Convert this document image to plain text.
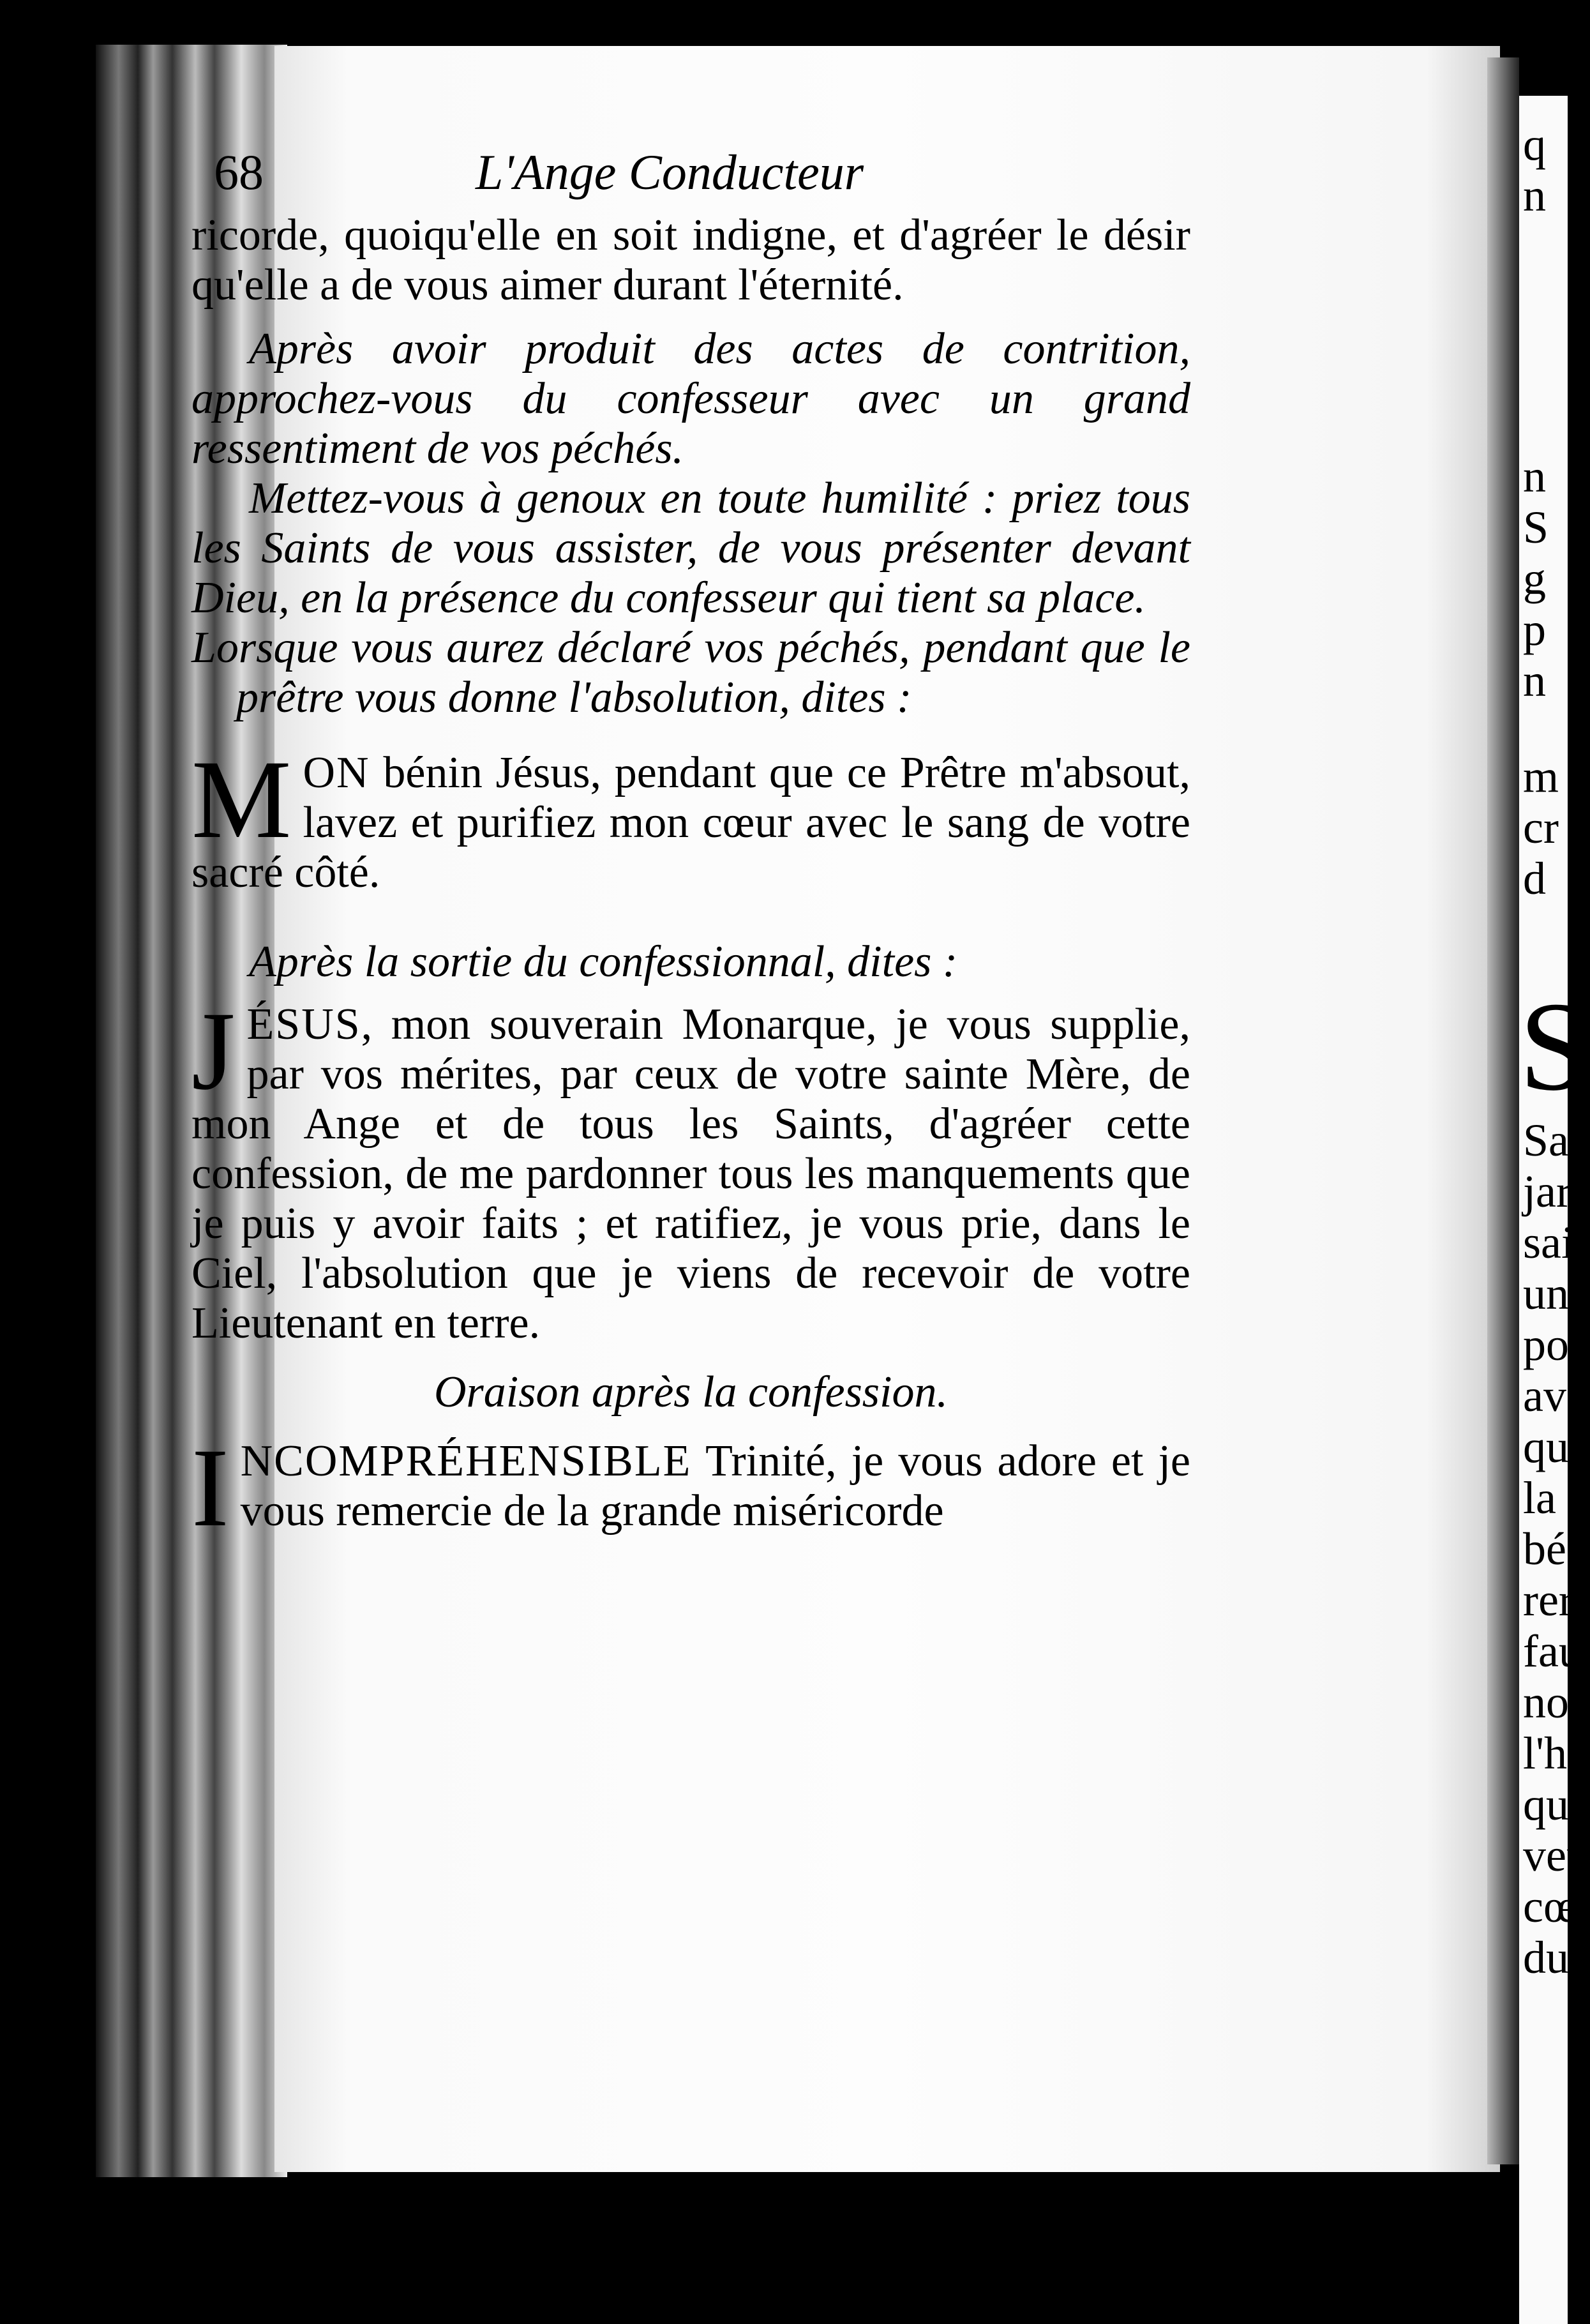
q
n
n
S
g
p
n
m
cr
d
S
Sa
jar
sai
un
po
ave
qu
la
bé
rer
fau
no
l'h
qu
veu
cœ
du
68	L'Ange Conducteur

ricorde, quoiqu'elle en soit indigne, et d'agréer le désir qu'elle a de vous aimer durant l'éternité.

Après avoir produit des actes de contrition, approchez-vous du confesseur avec un grand ressentiment de vos péchés.

Mettez-vous à genoux en toute humilité : priez tous les Saints de vous assister, de vous présenter devant Dieu, en la présence du confesseur qui tient sa place.

Lorsque vous aurez déclaré vos péchés, pendant que le prêtre vous donne l'absolution, dites :

MON bénin Jésus, pendant que ce Prêtre m'absout, lavez et purifiez mon cœur avec le sang de votre sacré côté.

Après la sortie du confessionnal, dites :

JÉSUS, mon souverain Monarque, je vous supplie, par vos mérites, par ceux de votre sainte Mère, de mon Ange et de tous les Saints, d'agréer cette confession, de me pardonner tous les manquements que je puis y avoir faits ; et ratifiez, je vous prie, dans le Ciel, l'absolution que je viens de recevoir de votre Lieutenant en terre.

Oraison après la confession.

INCOMPRÉHENSIBLE Trinité, je vous adore et je vous remercie de la grande miséricorde
